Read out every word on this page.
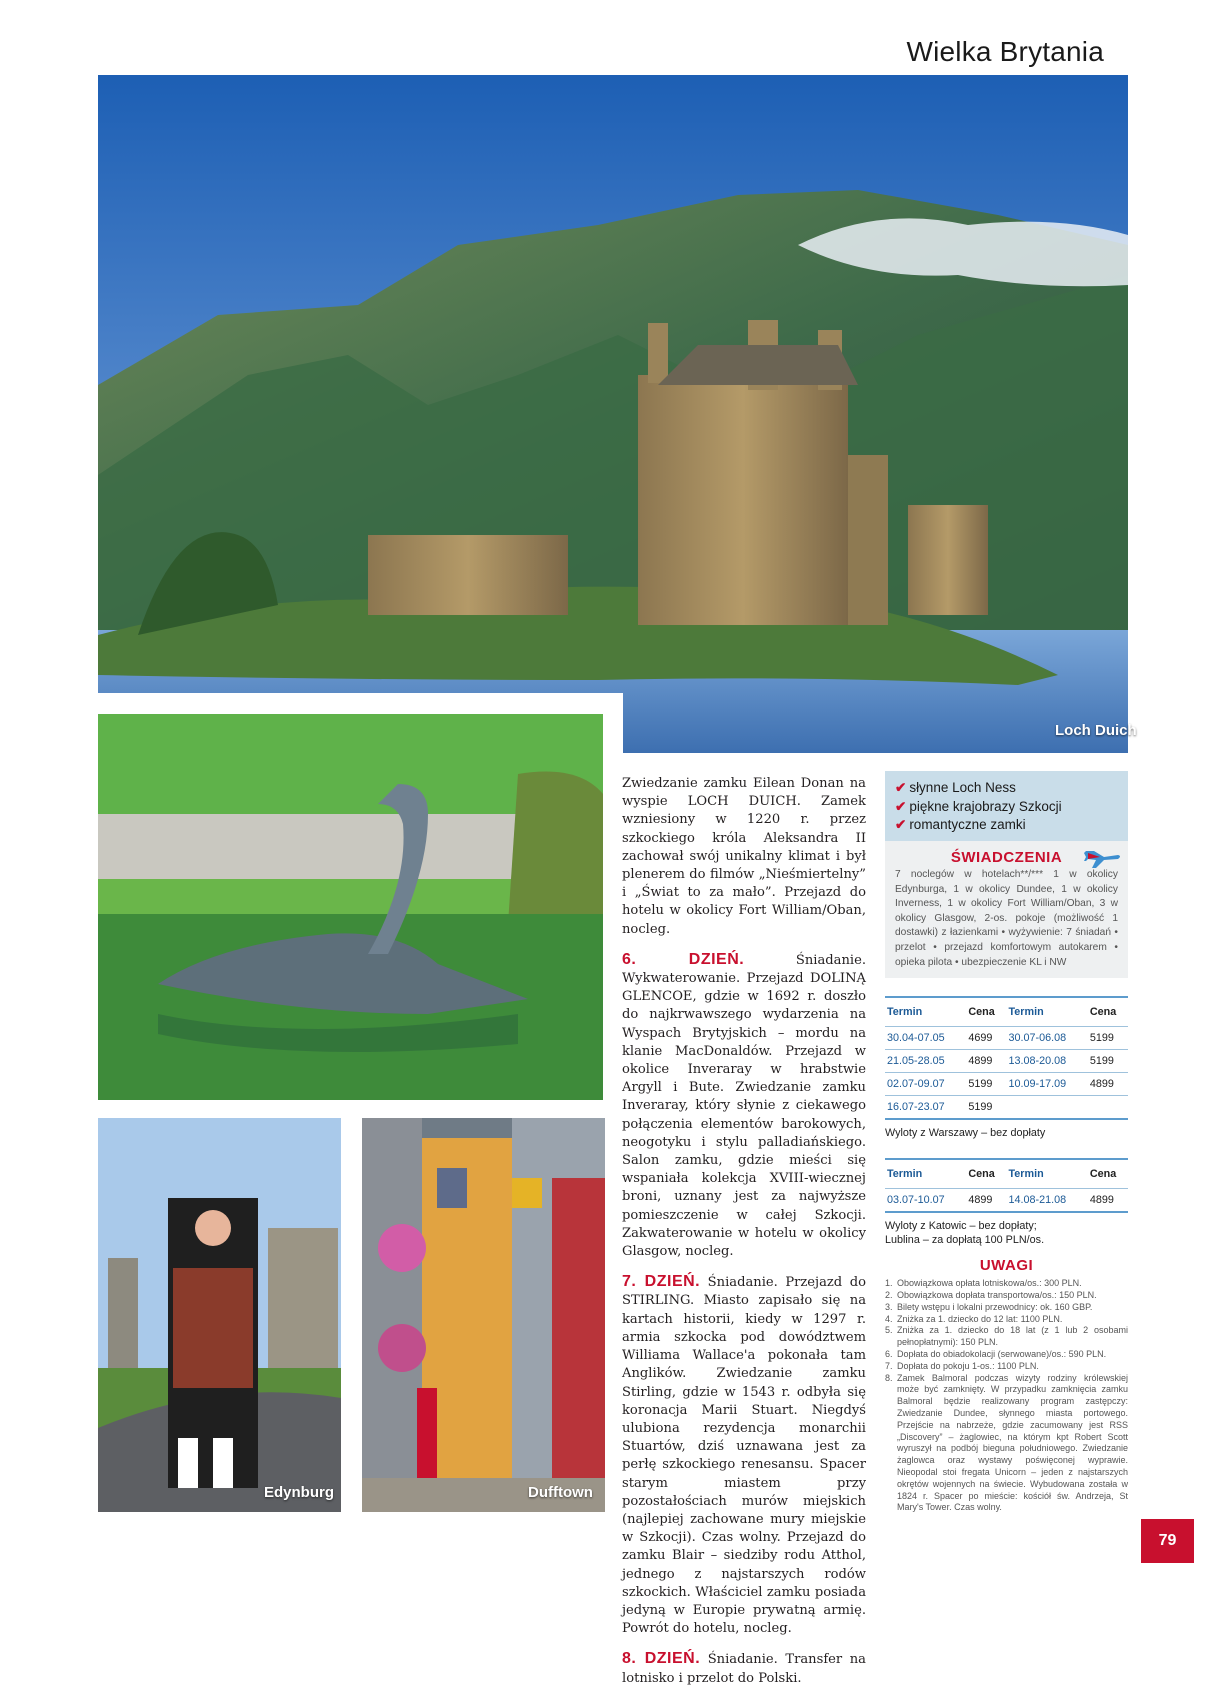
Wielka Brytania
Loch Duich
Edynburg	Dufftown

Zwiedzanie zamku Eilean Donan na wyspie LOCH DUICH. Zamek wzniesiony w 1220 r. przez szkockiego króla Aleksandra II zachował swój unikalny klimat i był plenerem do filmów „Nieśmiertelny” i „Świat to za mało”. Przejazd do hotelu w okolicy Fort William/Oban, nocleg.

6. DZIEŃ.	Śniadanie. Wykwaterowanie. Przejazd DOLINĄ GLENCOE, gdzie w 1692 r. doszło do najkrwawszego wydarzenia na Wyspach Brytyjskich – mordu na klanie MacDonaldów. Przejazd w okolice Inveraray w hrabstwie Argyll i Bute. Zwiedzanie zamku Inveraray, który słynie z ciekawego połączenia elementów barokowych, neogotyku i stylu palladiańskiego. Salon zamku, gdzie mieści się wspaniała kolekcja XVIII-wiecznej broni, uznany jest za najwyższe pomieszczenie w całej Szkocji. Zakwaterowanie w hotelu w okolicy Glasgow, nocleg.

7. DZIEŃ. Śniadanie. Przejazd do STIRLING. Miasto zapisało się na kartach historii, kiedy w 1297 r. armia szkocka pod dowództwem Williama Wallace'a pokonała tam Anglików. Zwiedzanie zamku Stirling, gdzie w 1543 r. odbyła się koronacja Marii Stuart. Niegdyś ulubiona rezydencja monarchii Stuartów, dziś uznawana jest za perłę szkockiego renesansu. Spacer starym miastem przy pozostałościach murów miejskich (najlepiej zachowane mury miejskie w Szkocji). Czas wolny. Przejazd do zamku Blair – siedziby rodu Atthol, jednego z najstarszych rodów szkockich. Właściciel zamku posiada jedyną w Europie prywatną armię. Powrót do hotelu, nocleg.

8. DZIEŃ. Śniadanie. Transfer na lotnisko i przelot do Polski.

✔ słynne Loch Ness
✔ piękne krajobrazy Szkocji
✔ romantyczne zamki
ŚWIADCZENIA
7 noclegów w hotelach**/*** 1 w okolicy Edynburga, 1 w okolicy Dundee, 1 w okolicy Inverness, 1 w okolicy Fort William/Oban, 3 w okolicy Glasgow, 2-os. pokoje (możliwość 1 dostawki) z łazienkami • wyżywienie: 7 śniadań • przelot • przejazd komfortowym autokarem • opieka pilota • ubezpieczenie KL i NW
Termin	Cena	Termin	Cena
30.04-07.05	4699	30.07-06.08	5199
21.05-28.05	4899	13.08-20.08	5199
02.07-09.07	5199	10.09-17.09	4899
16.07-23.07	5199		
Wyloty z Warszawy – bez dopłaty
Termin	Cena	Termin	Cena
03.07-10.07	4899	14.08-21.08	4899
Wyloty z Katowic – bez dopłaty;
Lublina – za dopłatą 100 PLN/os.
UWAGI
1. Obowiązkowa opłata lotniskowa/os.: 300 PLN.
2. Obowiązkowa dopłata transportowa/os.: 150 PLN.
3. Bilety wstępu i lokalni przewodnicy: ok. 160 GBP.
4. Zniżka za 1. dziecko do 12 lat: 1100 PLN.
5. Zniżka za 1. dziecko do 18 lat (z 1 lub 2 osobami pełnopłatnymi): 150 PLN.
6. Dopłata do obiadokolacji (serwowane)/os.: 590 PLN.
7. Dopłata do pokoju 1-os.: 1100 PLN.
8. Zamek Balmoral podczas wizyty rodziny królewskiej może być zamknięty. W przypadku zamknięcia zamku Balmoral będzie realizowany program zastępczy: Zwiedzanie Dundee, słynnego miasta portowego. Przejście na nabrzeże, gdzie zacumowany jest RSS „Discovery” – żaglowiec, na którym kpt Robert Scott wyruszył na podbój bieguna południowego. Zwiedzanie żaglowca oraz wystawy poświęconej wyprawie. Nieopodal stoi fregata Unicorn – jeden z najstarszych okrętów wojennych na świecie. Wybudowana została w 1824 r. Spacer po mieście: kościół św. Andrzeja, St Mary's Tower. Czas wolny.
79
